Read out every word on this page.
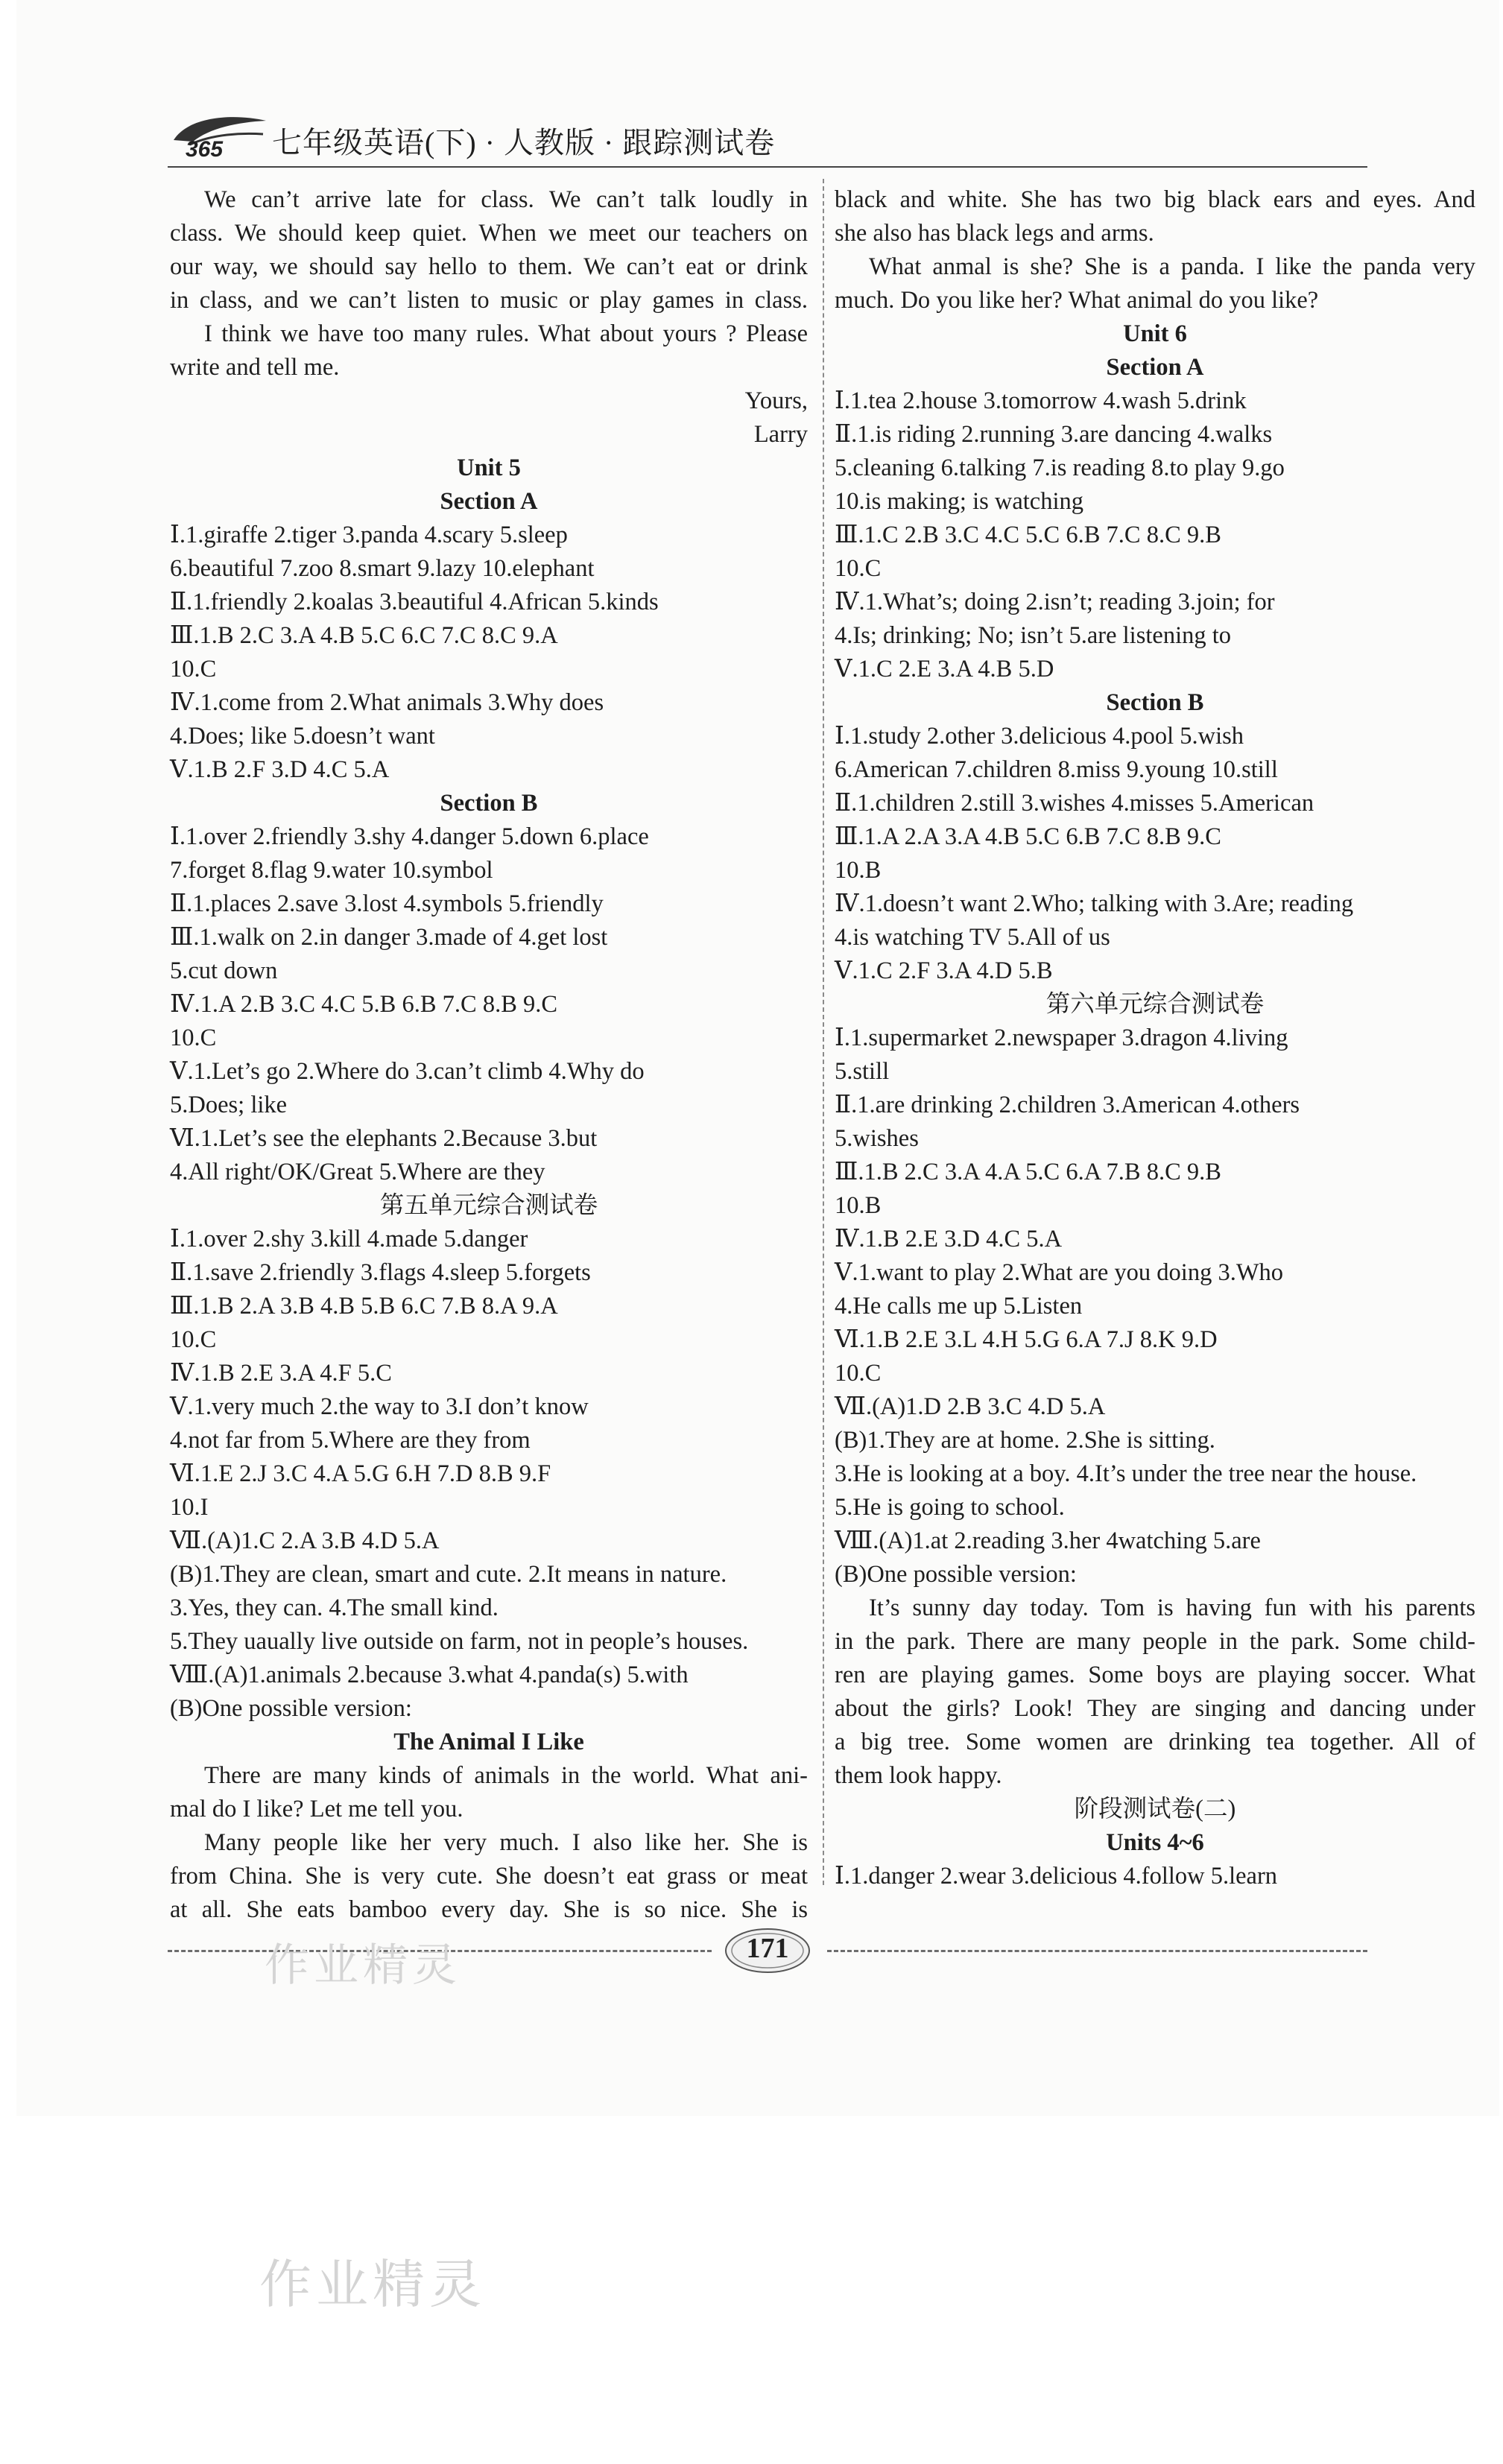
365 七年级英语(下) · 人教版 · 跟踪测试卷
We can’t arrive late for class. We can’t talk loudly in
class. We should keep quiet. When we meet our teachers on
our way, we should say hello to them. We can’t eat or drink
in class, and we can’t listen to music or play games in class.
I think we have too many rules. What about yours ? Please
write and tell me.
Yours,
Larry
Unit 5
Section A
Ⅰ.1.giraffe 2.tiger 3.panda 4.scary 5.sleep
6.beautiful 7.zoo 8.smart 9.lazy 10.elephant
Ⅱ.1.friendly 2.koalas 3.beautiful 4.African 5.kinds
Ⅲ.1.B 2.C 3.A 4.B 5.C 6.C 7.C 8.C 9.A
10.C
Ⅳ.1.come from 2.What animals 3.Why does
4.Does; like 5.doesn’t want
Ⅴ.1.B 2.F 3.D 4.C 5.A
Section B
Ⅰ.1.over 2.friendly 3.shy 4.danger 5.down 6.place
7.forget 8.flag 9.water 10.symbol
Ⅱ.1.places 2.save 3.lost 4.symbols 5.friendly
Ⅲ.1.walk on 2.in danger 3.made of 4.get lost
5.cut down
Ⅳ.1.A 2.B 3.C 4.C 5.B 6.B 7.C 8.B 9.C
10.C
Ⅴ.1.Let’s go 2.Where do 3.can’t climb 4.Why do
5.Does; like
Ⅵ.1.Let’s see the elephants 2.Because 3.but
4.All right/OK/Great 5.Where are they
第五单元综合测试卷
Ⅰ.1.over 2.shy 3.kill 4.made 5.danger
Ⅱ.1.save 2.friendly 3.flags 4.sleep 5.forgets
Ⅲ.1.B 2.A 3.B 4.B 5.B 6.C 7.B 8.A 9.A
10.C
Ⅳ.1.B 2.E 3.A 4.F 5.C
Ⅴ.1.very much 2.the way to 3.I don’t know
4.not far from 5.Where are they from
Ⅵ.1.E 2.J 3.C 4.A 5.G 6.H 7.D 8.B 9.F
10.I
Ⅶ.(A)1.C 2.A 3.B 4.D 5.A
(B)1.They are clean, smart and cute. 2.It means in nature.
3.Yes, they can. 4.The small kind.
5.They uaually live outside on farm, not in people’s houses.
Ⅷ.(A)1.animals 2.because 3.what 4.panda(s) 5.with
(B)One possible version:
The Animal I Like
There are many kinds of animals in the world. What ani-
mal do I like? Let me tell you.
Many people like her very much. I also like her. She is
from China. She is very cute. She doesn’t eat grass or meat
at all. She eats bamboo every day. She is so nice. She is
black and white. She has two big black ears and eyes. And
she also has black legs and arms.
What anmal is she? She is a panda. I like the panda very
much. Do you like her? What animal do you like?
Unit 6
Section A
Ⅰ.1.tea 2.house 3.tomorrow 4.wash 5.drink
Ⅱ.1.is riding 2.running 3.are dancing 4.walks
5.cleaning 6.talking 7.is reading 8.to play 9.go
10.is making; is watching
Ⅲ.1.C 2.B 3.C 4.C 5.C 6.B 7.C 8.C 9.B
10.C
Ⅳ.1.What’s; doing 2.isn’t; reading 3.join; for
4.Is; drinking; No; isn’t 5.are listening to
Ⅴ.1.C 2.E 3.A 4.B 5.D
Section B
Ⅰ.1.study 2.other 3.delicious 4.pool 5.wish
6.American 7.children 8.miss 9.young 10.still
Ⅱ.1.children 2.still 3.wishes 4.misses 5.American
Ⅲ.1.A 2.A 3.A 4.B 5.C 6.B 7.C 8.B 9.C
10.B
Ⅳ.1.doesn’t want 2.Who; talking with 3.Are; reading
4.is watching TV 5.All of us
Ⅴ.1.C 2.F 3.A 4.D 5.B
第六单元综合测试卷
Ⅰ.1.supermarket 2.newspaper 3.dragon 4.living
5.still
Ⅱ.1.are drinking 2.children 3.American 4.others
5.wishes
Ⅲ.1.B 2.C 3.A 4.A 5.C 6.A 7.B 8.C 9.B
10.B
Ⅳ.1.B 2.E 3.D 4.C 5.A
Ⅴ.1.want to play 2.What are you doing 3.Who
4.He calls me up 5.Listen
Ⅵ.1.B 2.E 3.L 4.H 5.G 6.A 7.J 8.K 9.D
10.C
Ⅶ.(A)1.D 2.B 3.C 4.D 5.A
(B)1.They are at home. 2.She is sitting.
3.He is looking at a boy. 4.It’s under the tree near the house.
5.He is going to school.
Ⅷ.(A)1.at 2.reading 3.her 4watching 5.are
(B)One possible version:
It’s sunny day today. Tom is having fun with his parents
in the park. There are many people in the park. Some child-
ren are playing games. Some boys are playing soccer. What
about the girls? Look! They are singing and dancing under
a big tree. Some women are drinking tea together. All of
them look happy.
阶段测试卷(二)
Units 4~6
Ⅰ.1.danger 2.wear 3.delicious 4.follow 5.learn
171
作业精灵
作业精灵
